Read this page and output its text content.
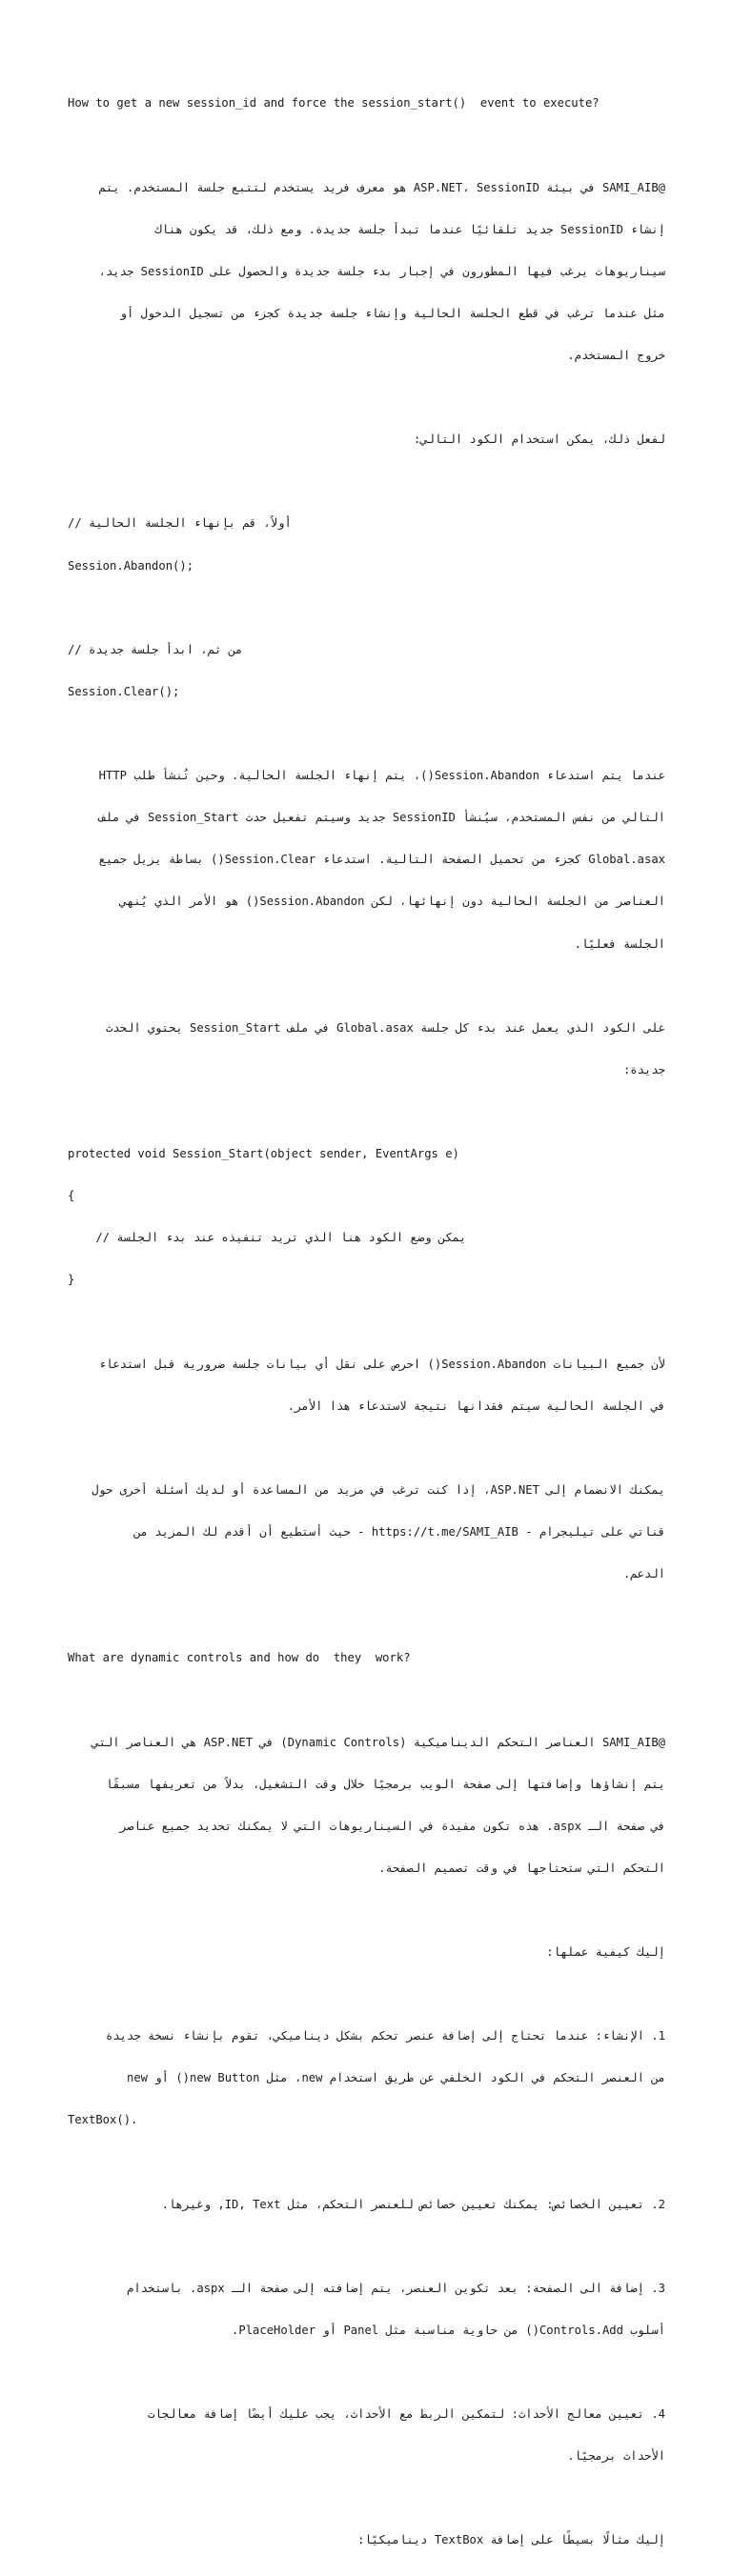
How to get a new session_id and force the session_start()  event to execute?

@SAMI_AIB في بيئة ASP.NET، SessionID هو معرف فريد يستخدم لتتبع جلسة المستخدم. يتم

إنشاء SessionID جديد تلقائيًا عندما تبدأ جلسة جديدة. ومع ذلك، قد يكون هناك

سيناريوهات يرغب فيها المطورون في إجبار بدء جلسة جديدة والحصول على SessionID جديد،

مثل عندما ترغب في قطع الجلسة الحالية وإنشاء جلسة جديدة كجزء من تسجيل الدخول أو

خروج المستخدم.

لفعل ذلك، يمكن استخدام الكود التالي:

// أولاً، قم بإنهاء الجلسة الحالية

Session.Abandon();

// من ثم، ابدأ جلسة جديدة

Session.Clear();

عندما يتم استدعاء Session.Abandon()، يتم إنهاء الجلسة الحالية. وحين تُنشأ طلب HTTP

التالي من نفس المستخدم، سيُنشأ SessionID جديد وسيتم تفعيل حدث Session_Start في ملف

Global.asax كجزء من تحميل الصفحة التالية. استدعاء Session.Clear() بساطة يزيل جميع

العناصر من الجلسة الحالية دون إنهائها، لكن Session.Abandon() هو الأمر الذي يُنهي

الجلسة فعليًا.

على الكود الذي يعمل عند بدء كل جلسة Global.asax في ملف Session_Start يحتوي الحدث

جديدة:

protected void Session_Start(object sender, EventArgs e)

{

// يمكن وضع الكود هنا الذي تريد تنفيذه عند بدء الجلسة

}

لأن جميع البيانات Session.Abandon() احرص على نقل أي بيانات جلسة ضرورية قبل استدعاء

في الجلسة الحالية سيتم فقدانها نتيجة لاستدعاء هذا الأمر.

يمكنك الانضمام إلى ASP.NET، إذا كنت ترغب في مزيد من المساعدة أو لديك أسئلة أخرى حول

قناتي على تيليجرام - https://t.me/SAMI_AIB - حيث أستطيع أن أقدم لك المزيد من

الدعم.

What are dynamic controls and how do  they  work?

@SAMI_AIB العناصر التحكم الديناميكية (Dynamic Controls) في ASP.NET هي العناصر التي

يتم إنشاؤها وإضافتها إلى صفحة الويب برمجيًا خلال وقت التشغيل، بدلاً من تعريفها مسبقًا

في صفحة الـ aspx. هذه تكون مفيدة في السيناريوهات التي لا يمكنك تحديد جميع عناصر

التحكم التي ستحتاجها في وقت تصميم الصفحة.

إليك كيفية عملها:

1. الإنشاء: عندما تحتاج إلى إضافة عنصر تحكم بشكل ديناميكي، تقوم بإنشاء نسخة جديدة

من العنصر التحكم في الكود الخلفي عن طريق استخدام new، مثل new Button() أو new

TextBox().

2. تعيين الخصائص: يمكنك تعيين خصائص للعنصر التحكم، مثل ID, Text, وغيرها.

3. إضافة الى الصفحة: بعد تكوين العنصر، يتم إضافته إلى صفحة الـ aspx. باستخدام

أسلوب Controls.Add() من حاوية مناسبة مثل Panel أو PlaceHolder.

4. تعيين معالج الأحداث: لتمكين الربط مع الأحداث، يجب عليك أيضًا إضافة معالجات

الأحداث برمجيًا.

إليك مثالًا بسيطًا على إضافة TextBox ديناميكيًا:
